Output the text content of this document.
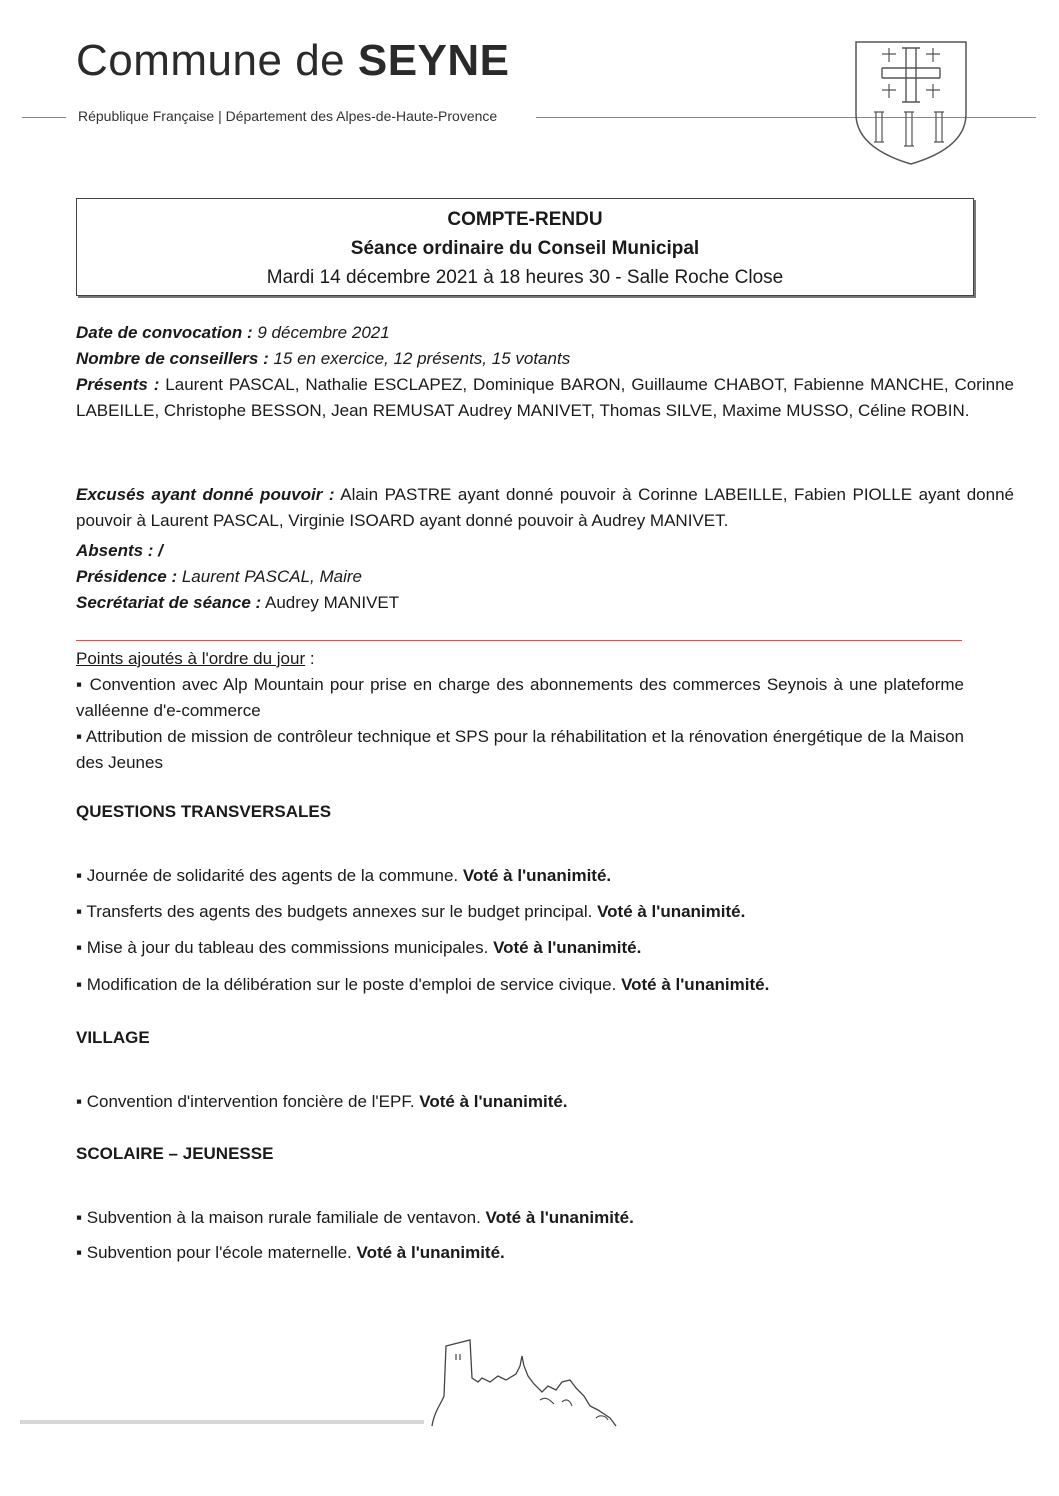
Commune de SEYNE
République Française | Département des Alpes-de-Haute-Provence
COMPTE-RENDU
Séance ordinaire du Conseil Municipal
Mardi 14 décembre 2021 à 18 heures 30 - Salle Roche Close
Date de convocation : 9 décembre 2021
Nombre de conseillers : 15 en exercice, 12 présents, 15 votants
Présents : Laurent PASCAL, Nathalie ESCLAPEZ, Dominique BARON, Guillaume CHABOT, Fabienne MANCHE, Corinne LABEILLE, Christophe BESSON, Jean REMUSAT Audrey MANIVET, Thomas SILVE, Maxime MUSSO, Céline ROBIN.
Excusés ayant donné pouvoir : Alain PASTRE ayant donné pouvoir à Corinne LABEILLE, Fabien PIOLLE ayant donné pouvoir à Laurent PASCAL, Virginie ISOARD ayant donné pouvoir à Audrey MANIVET.
Absents : /
Présidence : Laurent PASCAL, Maire
Secrétariat de séance : Audrey MANIVET
Points ajoutés à l'ordre du jour :
▪ Convention avec Alp Mountain pour prise en charge des abonnements des commerces Seynois à une plateforme valléenne d'e-commerce
▪ Attribution de mission de contrôleur technique et SPS pour la réhabilitation et la rénovation énergétique de la Maison des Jeunes
QUESTIONS TRANSVERSALES
▪ Journée de solidarité des agents de la commune. Voté à l'unanimité.
▪ Transferts des agents des budgets annexes sur le budget principal. Voté à l'unanimité.
▪ Mise à jour du tableau des commissions municipales. Voté à l'unanimité.
▪ Modification de la délibération sur le poste d'emploi de service civique. Voté à l'unanimité.
VILLAGE
▪ Convention d'intervention foncière de l'EPF. Voté à l'unanimité.
SCOLAIRE – JEUNESSE
▪ Subvention à la maison rurale familiale de ventavon. Voté à l'unanimité.
▪ Subvention pour l'école maternelle. Voté à l'unanimité.
